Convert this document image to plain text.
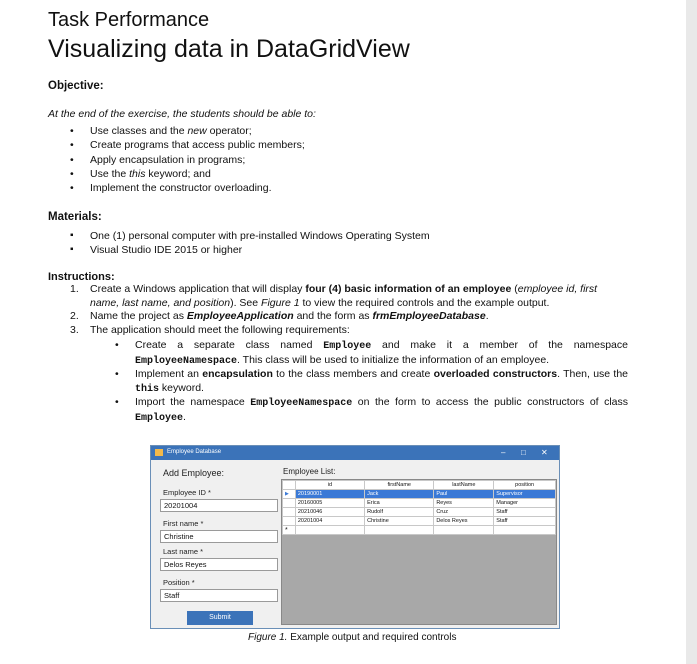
Task Performance
Visualizing data in DataGridView
Objective:
At the end of the exercise, the students should be able to:
• Use classes and the new operator;
• Create programs that access public members;
• Apply encapsulation in programs;
• Use the this keyword; and
• Implement the constructor overloading.
Materials:
▪ One (1) personal computer with pre-installed Windows Operating System
▪ Visual Studio IDE 2015 or higher
Instructions:
1. Create a Windows application that will display four (4) basic information of an employee (employee id, first name, last name, and position). See Figure 1 to view the required controls and the example output.
2. Name the project as EmployeeApplication and the form as frmEmployeeDatabase.
3. The application should meet the following requirements:
• Create a separate class named Employee and make it a member of the namespace EmployeeNamespace. This class will be used to initialize the information of an employee.
• Implement an encapsulation to the class members and create overloaded constructors. Then, use the this keyword.
• Import the namespace EmployeeNamespace on the form to access the public constructors of class Employee.
Employee Database	– □ ✕
Add Employee:	Employee List:
Employee ID *
20201004
First name *
Christine
Last name *
Delos Reyes
Position *
Staff
Submit
	id	firstName	lastName	position
▶	20190001	Jack	Paul	Supervisor
	20160005	Erica	Reyes	Manager
	20210046	Rudolf	Cruz	Staff
	20201004	Christine	Delos Reyes	Staff
*				
Figure 1. Example output and required controls
